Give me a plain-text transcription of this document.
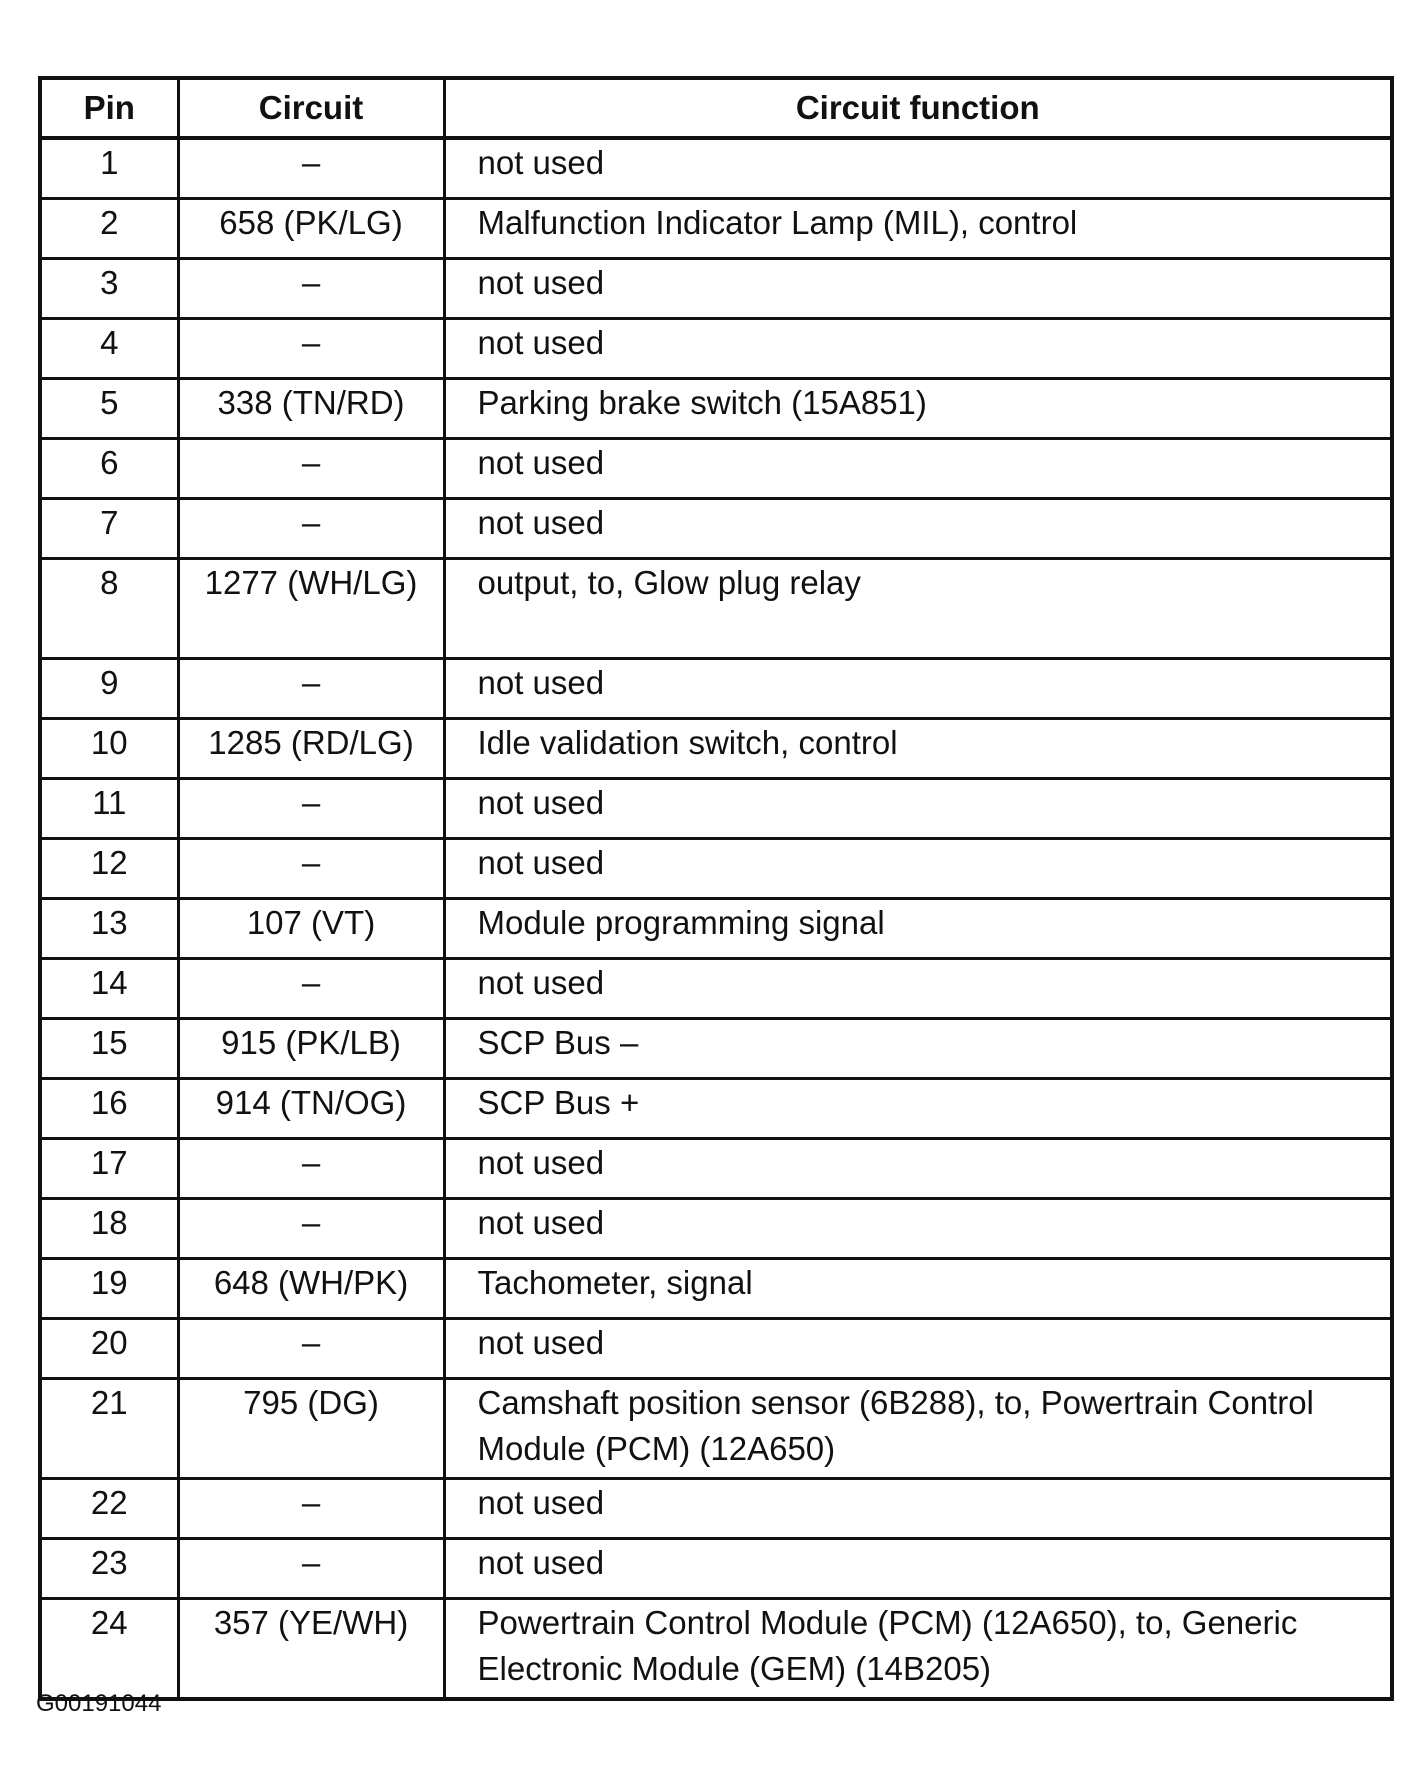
Pin	Circuit	Circuit function
1	–	not used
2	658 (PK/LG)	Malfunction Indicator Lamp (MIL), control
3	–	not used
4	–	not used
5	338 (TN/RD)	Parking brake switch (15A851)
6	–	not used
7	–	not used
8	1277 (WH/LG)	output, to, Glow plug relay
9	–	not used
10	1285 (RD/LG)	Idle validation switch, control
11	–	not used
12	–	not used
13	107 (VT)	Module programming signal
14	–	not used
15	915 (PK/LB)	SCP Bus –
16	914 (TN/OG)	SCP Bus +
17	–	not used
18	–	not used
19	648 (WH/PK)	Tachometer, signal
20	–	not used
21	795 (DG)	Camshaft position sensor (6B288), to, Powertrain Control Module (PCM) (12A650)
22	–	not used
23	–	not used
24	357 (YE/WH)	Powertrain Control Module (PCM) (12A650), to, Generic Electronic Module (GEM) (14B205)
G00191044
